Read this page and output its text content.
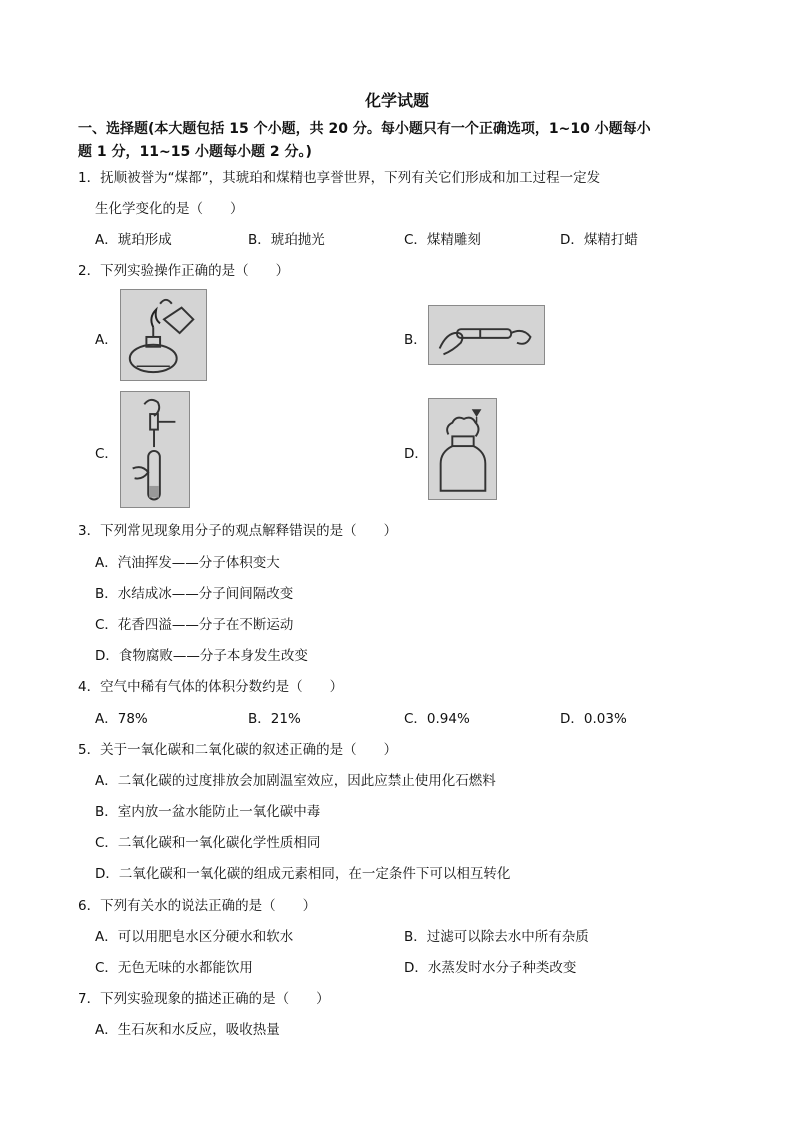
化学试题
一、选择题(本大题包括 15 个小题，共 20 分。每小题只有一个正确选项，1~10 小题每小
题 1 分，11~15 小题每小题 2 分。)
1．抚顺被誉为“煤都”，其琥珀和煤精也享誉世界，下列有关它们形成和加工过程一定发
生化学变化的是（　　）
A．琥珀形成	B．琥珀抛光	C．煤精雕刻	D．煤精打蜡
2．下列实验操作正确的是（　　）
A．	B．
C．	D．
3．下列常见现象用分子的观点解释错误的是（　　）
A．汽油挥发——分子体积变大
B．水结成冰——分子间间隔改变
C．花香四溢——分子在不断运动
D．食物腐败——分子本身发生改变
4．空气中稀有气体的体积分数约是（　　）
A．78%	B．21%	C．0.94%	D．0.03%
5．关于一氧化碳和二氧化碳的叙述正确的是（　　）
A．二氧化碳的过度排放会加剧温室效应，因此应禁止使用化石燃料
B．室内放一盆水能防止一氧化碳中毒
C．二氧化碳和一氧化碳化学性质相同
D．二氧化碳和一氧化碳的组成元素相同，在一定条件下可以相互转化
6．下列有关水的说法正确的是（　　）
A．可以用肥皂水区分硬水和软水	B．过滤可以除去水中所有杂质
C．无色无味的水都能饮用	D．水蒸发时水分子种类改变
7．下列实验现象的描述正确的是（　　）
A．生石灰和水反应，吸收热量
